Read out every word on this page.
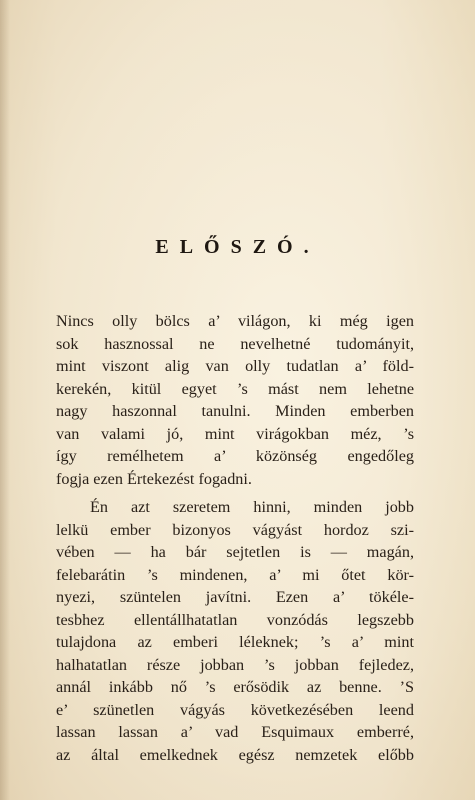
ELŐSZÓ.
Nincs olly bölcs a’ világon, ki még igen
sok hasznossal ne nevelhetné tudományit,
mint viszont alig van olly tudatlan a’ föld-
kerekén, kitül egyet ’s mást nem lehetne
nagy haszonnal tanulni. Minden emberben
van valami jó, mint virágokban méz, ’s
így remélhetem a’ közönség engedőleg
fogja ezen Értekezést fogadni.
Én azt szeretem hinni, minden jobb
lelkü ember bizonyos vágyást hordoz szi-
vében — ha bár sejtetlen is — magán,
felebarátin ’s mindenen, a’ mi őtet kör-
nyezi, szüntelen javítni. Ezen a’ tökéle-
tesbhez ellentállhatatlan vonzódás legszebb
tulajdona az emberi léleknek; ’s a’ mint
halhatatlan része jobban ’s jobban fejledez,
annál inkább nő ’s erősödik az benne. ’S
e’ szünetlen vágyás következésében leend
lassan lassan a’ vad Esquimaux emberré,
az által emelkednek egész nemzetek előbb
